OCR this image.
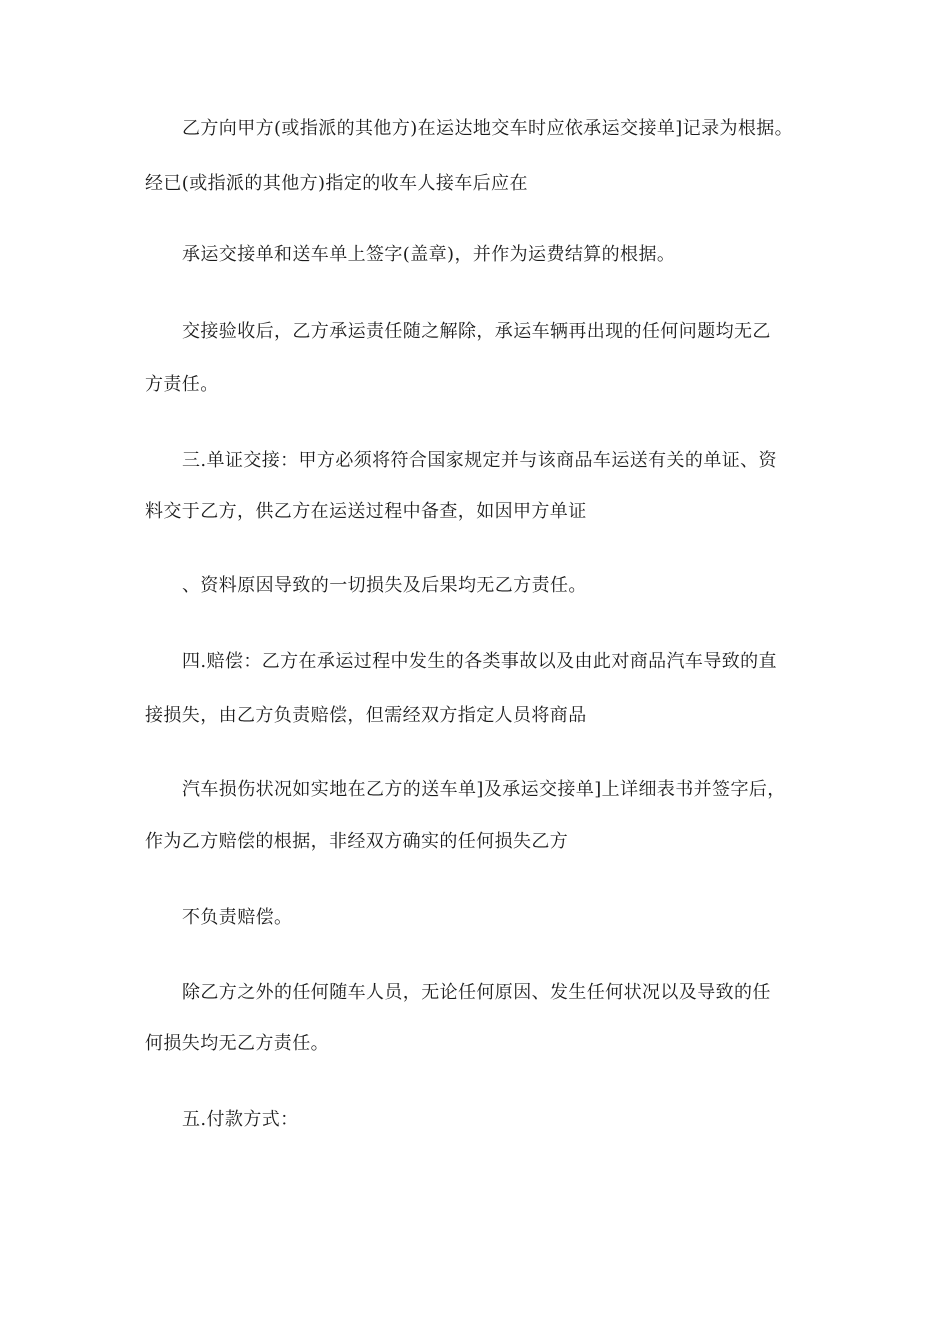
乙方向甲方(或指派的其他方)在运达地交车时应依承运交接单]记录为根据。
经已(或指派的其他方)指定的收车人接车后应在
承运交接单和送车单上签字(盖章)，并作为运费结算的根据。
交接验收后，乙方承运责任随之解除，承运车辆再出现的任何问题均无乙
方责任。
三.单证交接：甲方必须将符合国家规定并与该商品车运送有关的单证、资
料交于乙方，供乙方在运送过程中备查，如因甲方单证
、资料原因导致的一切损失及后果均无乙方责任。
四.赔偿：乙方在承运过程中发生的各类事故以及由此对商品汽车导致的直
接损失，由乙方负责赔偿，但需经双方指定人员将商品
汽车损伤状况如实地在乙方的送车单]及承运交接单]上详细表书并签字后，
作为乙方赔偿的根据，非经双方确实的任何损失乙方
不负责赔偿。
除乙方之外的任何随车人员，无论任何原因、发生任何状况以及导致的任
何损失均无乙方责任。
五.付款方式：
